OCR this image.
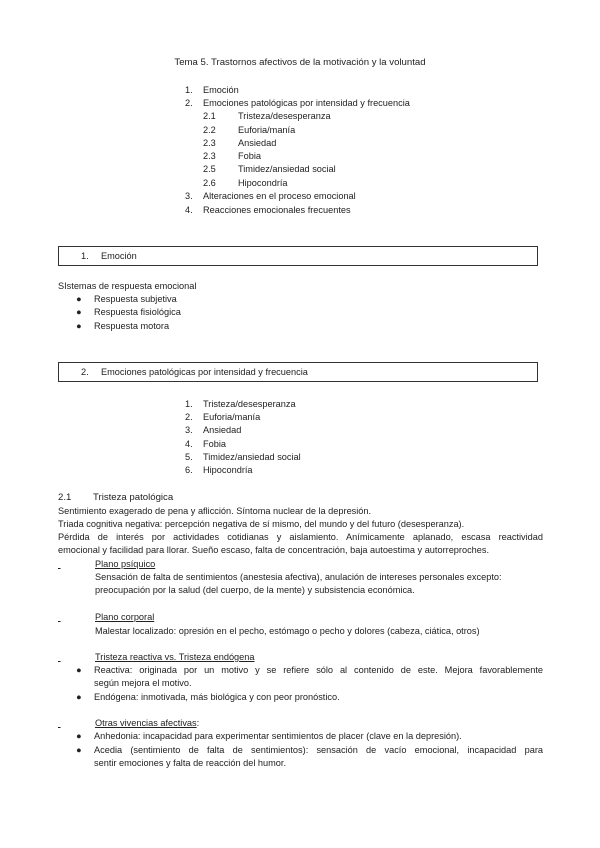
Tema 5. Trastornos afectivos de la motivación y la voluntad
1. Emoción
2. Emociones patológicas por intensidad y frecuencia
2.1 Tristeza/desesperanza
2.2 Euforia/manía
2.3 Ansiedad
2.3 Fobia
2.5 Timidez/ansiedad social
2.6 Hipocondría
3. Alteraciones en el proceso emocional
4. Reacciones emocionales frecuentes
1. Emoción
SIstemas de respuesta emocional
● Respuesta subjetiva
● Respuesta fisiológica
● Respuesta motora
2. Emociones patológicas por intensidad y frecuencia
1. Tristeza/desesperanza
2. Euforia/manía
3. Ansiedad
4. Fobia
5. Timidez/ansiedad social
6. Hipocondría
2.1 Tristeza patológica
Sentimiento exagerado de pena y aflicción. Síntoma nuclear de la depresión.
Triada cognitiva negativa: percepción negativa de sí mismo, del mundo y del futuro (desesperanza).
Pérdida de interés por actividades cotidianas y aislamiento. Anímicamente aplanado, escasa reactividad
emocional y facilidad para llorar. Sueño escaso, falta de concentración, baja autoestima y autorreproches.

Plano psíquico
Sensación de falta de sentimientos (anestesia afectiva), anulación de intereses personales excepto:
preocupación por la salud (del cuerpo, de la mente) y subsistencia económica.

Plano corporal
Malestar localizado: opresión en el pecho, estómago o pecho y dolores (cabeza, ciática, otros)

Tristeza reactiva vs. Tristeza endógena
● Reactiva: originada por un motivo y se refiere sólo al contenido de este. Mejora favorablemente
según mejora el motivo.
● Endógena: inmotivada, más biológica y con peor pronóstico.

Otras vivencias afectivas:
● Anhedonia: incapacidad para experimentar sentimientos de placer (clave en la depresión).
● Acedia (sentimiento de falta de sentimientos): sensación de vacío emocional, incapacidad para
sentir emociones y falta de reacción del humor.
